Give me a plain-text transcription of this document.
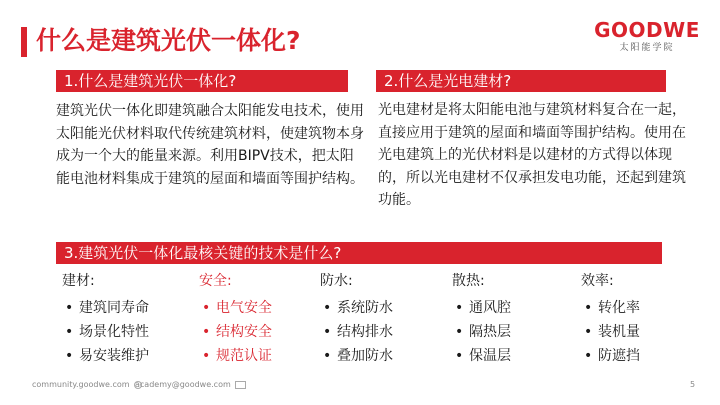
什么是建筑光伏一体化?	GOODWE
太阳能学院
1.什么是建筑光伏一体化?

建筑光伏一体化即建筑融合太阳能发电技术，使用太阳能光伏材料取代传统建筑材料，使建筑物本身成为一个大的能量来源。利用BIPV技术，把太阳能电池材料集成于建筑的屋面和墙面等围护结构。

2.什么是光电建材?

光电建材是将太阳能电池与建筑材料复合在一起，直接应用于建筑的屋面和墙面等围护结构。使用在光电建筑上的光伏材料是以建材的方式得以体现的，所以光电建材不仅承担发电功能，还起到建筑功能。

3.建筑光伏一体化最核关键的技术是什么?
建材:
• 建筑同寿命
• 场景化特性
• 易安装维护
安全:
• 电气安全
• 结构安全
• 规范认证
防水:
• 系统防水
• 结构排水
• 叠加防水
散热:
• 通风腔
• 隔热层
• 保温层
效率:
• 转化率
• 装机量
• 防遮挡
community.goodwe.com academy@goodwe.com	5
